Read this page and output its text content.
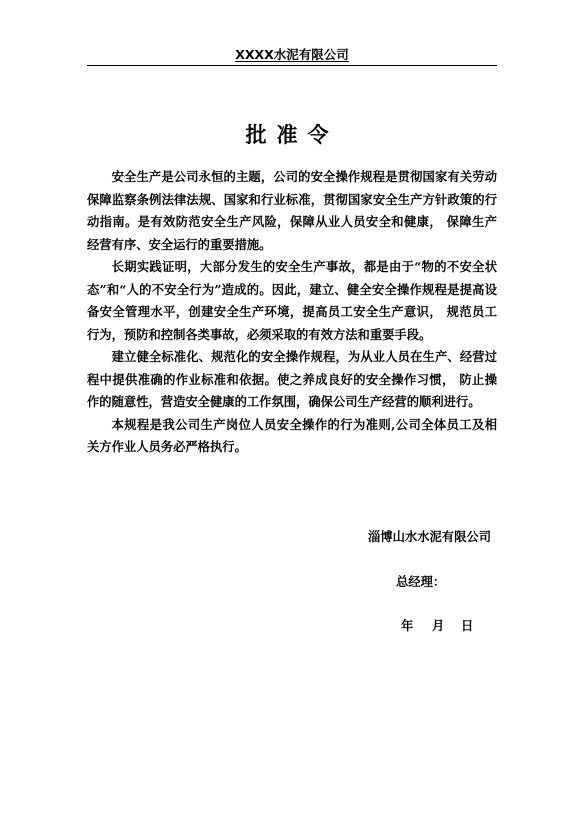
XXXX水泥有限公司
批准令

安全生产是公司永恒的主题，公司的安全操作规程是贯彻国家有关劳动保障监察条例法律法规、国家和行业标准，贯彻国家安全生产方针政策的行动指南。是有效防范安全生产风险，保障从业人员安全和健康， 保障生产经营有序、安全运行的重要措施。

长期实践证明，大部分发生的安全生产事故，都是由于“物的不安全状态”和“人的不安全行为”造成的。因此，建立、健全安全操作规程是提高设备安全管理水平，创建安全生产环境，提高员工安全生产意识， 规范员工行为，预防和控制各类事故，必须采取的有效方法和重要手段。

建立健全标准化、规范化的安全操作规程，为从业人员在生产、经营过程中提供准确的作业标准和依据。使之养成良好的安全操作习惯， 防止操作的随意性，营造安全健康的工作氛围，确保公司生产经营的顺利进行。

本规程是我公司生产岗位人员安全操作的行为准则,公司全体员工及相关方作业人员务必严格执行。

淄博山水水泥有限公司
总经理：
年 月 日
